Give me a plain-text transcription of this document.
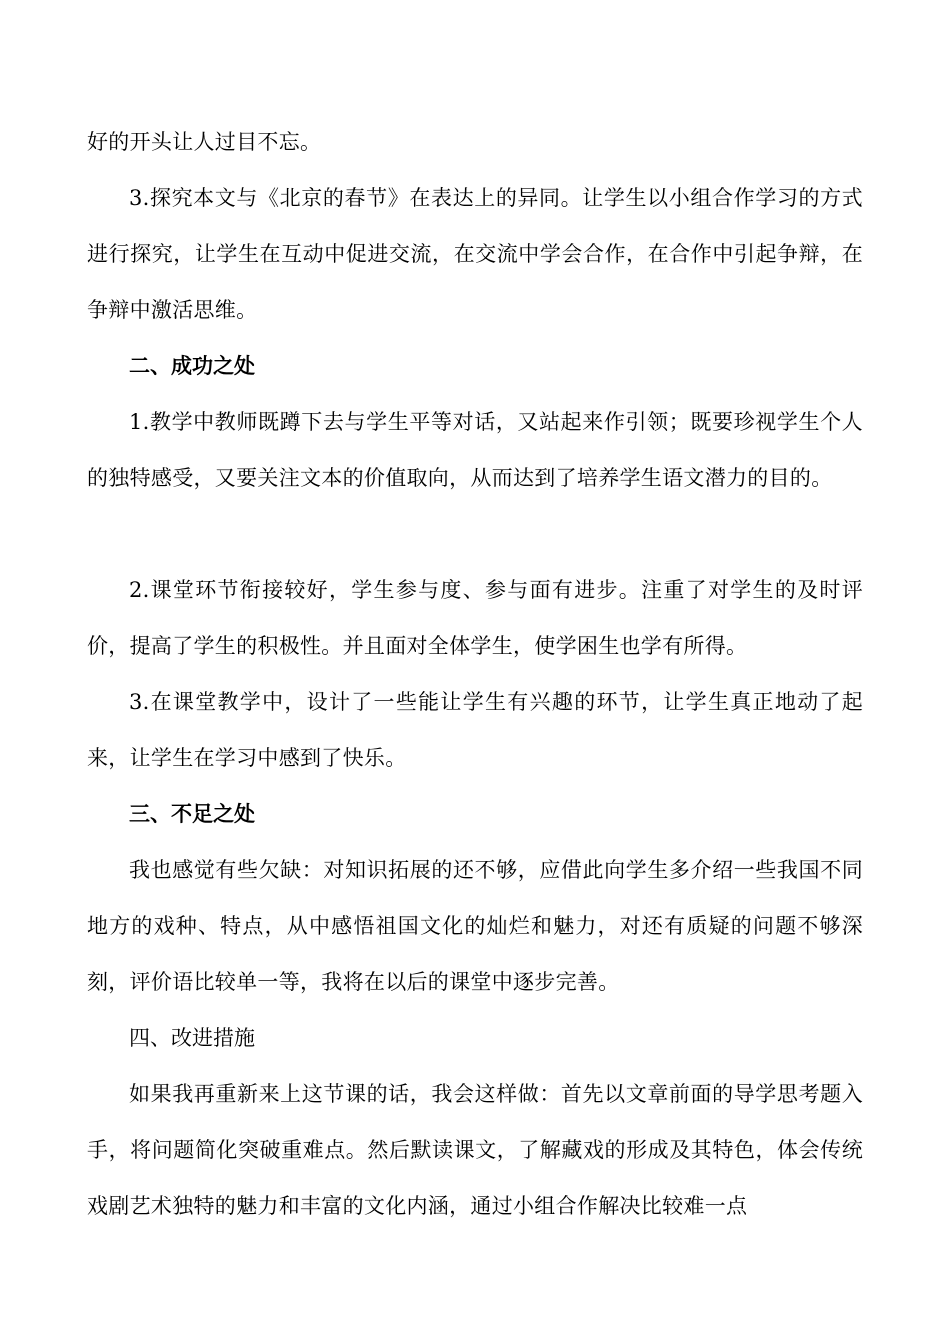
好的开头让人过目不忘。

3.探究本文与《北京的春节》在表达上的异同。让学生以小组合作学习的方式进行探究，让学生在互动中促进交流，在交流中学会合作，在合作中引起争辩，在争辩中激活思维。

二、成功之处

1.教学中教师既蹲下去与学生平等对话，又站起来作引领；既要珍视学生个人的独特感受，又要关注文本的价值取向，从而达到了培养学生语文潜力的目的。

2.课堂环节衔接较好，学生参与度、参与面有进步。注重了对学生的及时评价，提高了学生的积极性。并且面对全体学生，使学困生也学有所得。

3.在课堂教学中，设计了一些能让学生有兴趣的环节，让学生真正地动了起来，让学生在学习中感到了快乐。

三、不足之处

我也感觉有些欠缺：对知识拓展的还不够，应借此向学生多介绍一些我国不同地方的戏种、特点，从中感悟祖国文化的灿烂和魅力，对还有质疑的问题不够深刻，评价语比较单一等，我将在以后的课堂中逐步完善。

四、改进措施

如果我再重新来上这节课的话，我会这样做：首先以文章前面的导学思考题入手，将问题简化突破重难点。然后默读课文，了解藏戏的形成及其特色，体会传统戏剧艺术独特的魅力和丰富的文化内涵，通过小组合作解决比较难一点
